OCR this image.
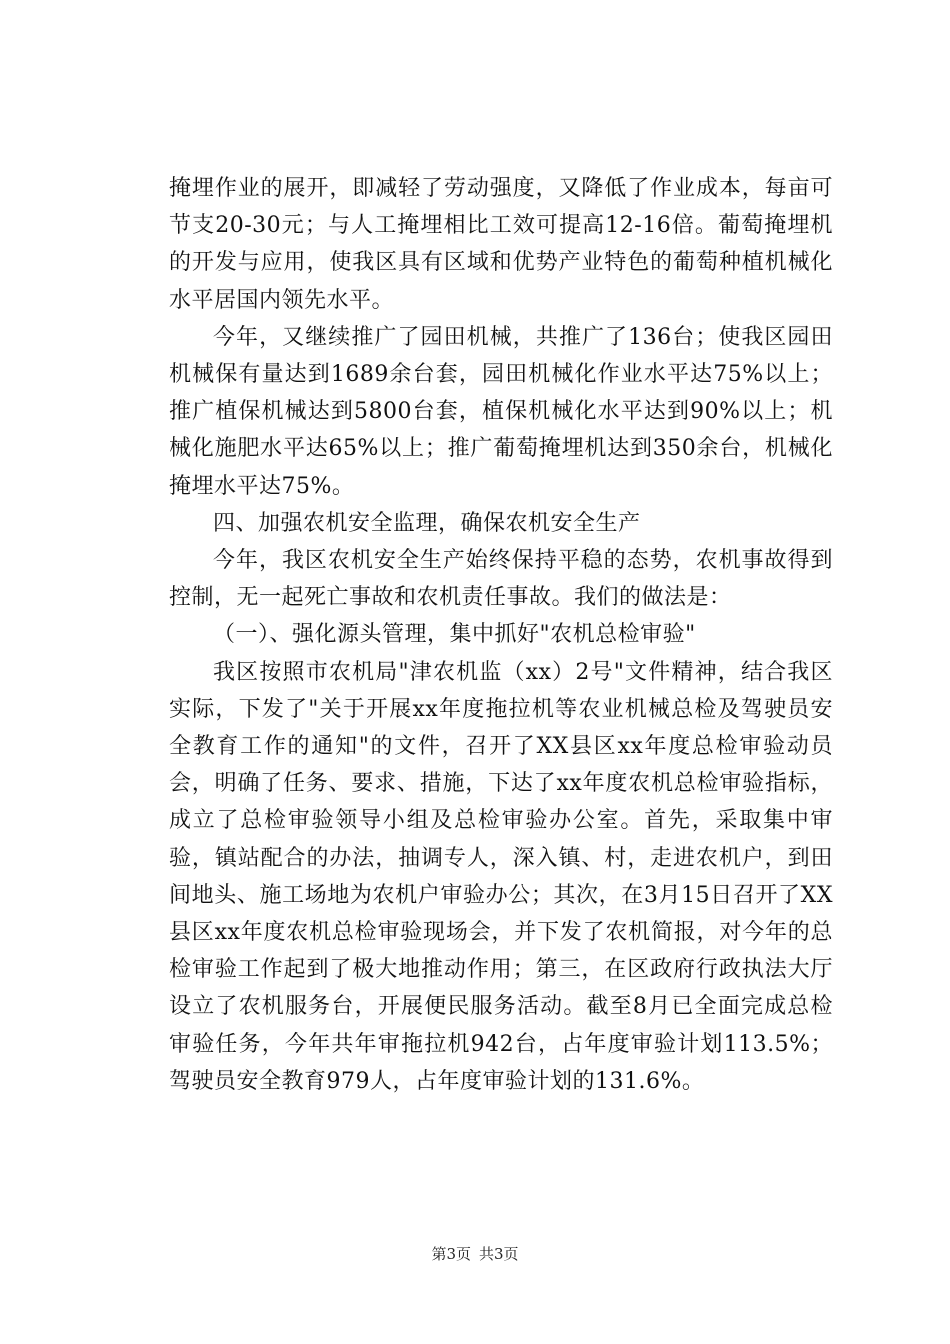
掩埋作业的展开，即减轻了劳动强度，又降低了作业成本，每亩可节支20-30元；与人工掩埋相比工效可提高12-16倍。葡萄掩埋机的开发与应用，使我区具有区域和优势产业特色的葡萄种植机械化水平居国内领先水平。

今年，又继续推广了园田机械，共推广了136台；使我区园田机械保有量达到1689余台套，园田机械化作业水平达75%以上；推广植保机械达到5800台套，植保机械化水平达到90%以上；机械化施肥水平达65%以上；推广葡萄掩埋机达到350余台，机械化掩埋水平达75%。

四、加强农机安全监理，确保农机安全生产

今年，我区农机安全生产始终保持平稳的态势，农机事故得到控制，无一起死亡事故和农机责任事故。我们的做法是：

（一）、强化源头管理，集中抓好"农机总检审验"

我区按照市农机局"津农机监（xx）2号"文件精神，结合我区实际，下发了"关于开展xx年度拖拉机等农业机械总检及驾驶员安全教育工作的通知"的文件，召开了XX县区xx年度总检审验动员会，明确了任务、要求、措施，下达了xx年度农机总检审验指标，成立了总检审验领导小组及总检审验办公室。首先，采取集中审验，镇站配合的办法，抽调专人，深入镇、村，走进农机户，到田间地头、施工场地为农机户审验办公；其次，在3月15日召开了XX县区xx年度农机总检审验现场会，并下发了农机简报，对今年的总检审验工作起到了极大地推动作用；第三，在区政府行政执法大厅设立了农机服务台，开展便民服务活动。截至8月已全面完成总检审验任务，今年共年审拖拉机942台，占年度审验计划113.5%；驾驶员安全教育979人，占年度审验计划的131.6%。

第3页 共3页
